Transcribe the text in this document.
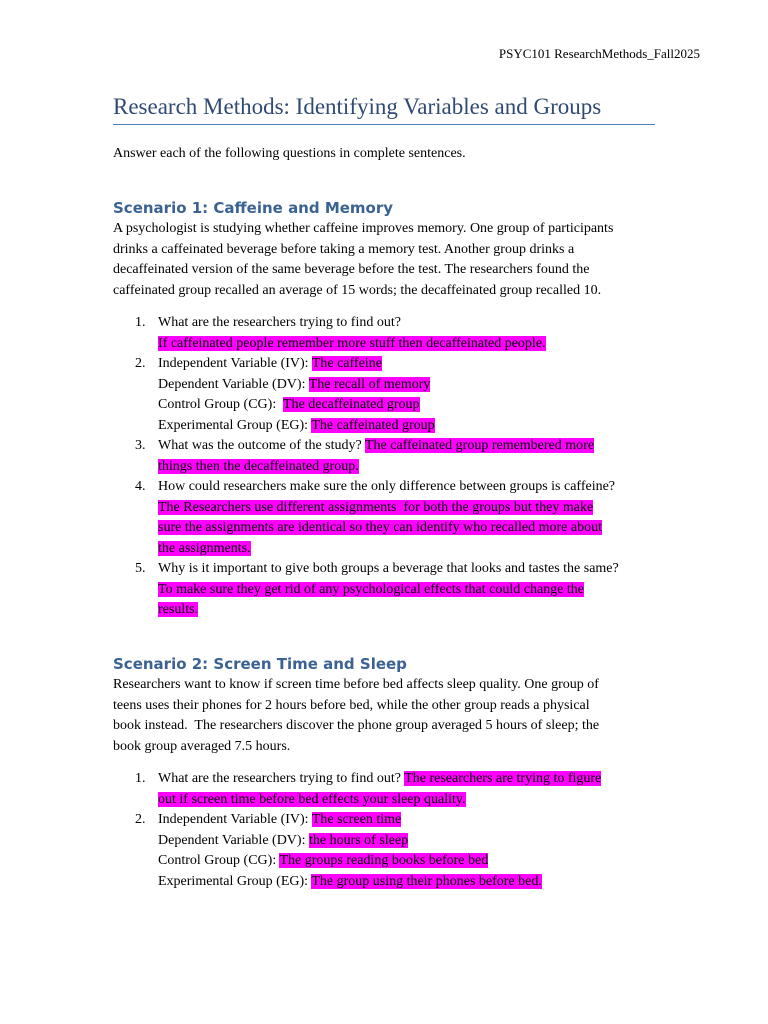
PSYC101 ResearchMethods_Fall2025
Research Methods: Identifying Variables and Groups
Answer each of the following questions in complete sentences.
Scenario 1: Caffeine and Memory
A psychologist is studying whether caffeine improves memory. One group of participants
drinks a caffeinated beverage before taking a memory test. Another group drinks a
decaffeinated version of the same beverage before the test. The researchers found the
caffeinated group recalled an average of 15 words; the decaffeinated group recalled 10.
1. What are the researchers trying to find out?
If caffeinated people remember more stuff then decaffeinated people.
2. Independent Variable (IV): The caffeine
Dependent Variable (DV): The recall of memory
Control Group (CG):  The decaffeinated group
Experimental Group (EG): The caffeinated group
3. What was the outcome of the study? The caffeinated group remembered more
things then the decaffeinated group.
4. How could researchers make sure the only difference between groups is caffeine?
The Researchers use different assignments  for both the groups but they make
sure the assignments are identical so they can identify who recalled more about
the assignments.
5. Why is it important to give both groups a beverage that looks and tastes the same?
To make sure they get rid of any psychological effects that could change the
results.
Scenario 2: Screen Time and Sleep
Researchers want to know if screen time before bed affects sleep quality. One group of
teens uses their phones for 2 hours before bed, while the other group reads a physical
book instead.  The researchers discover the phone group averaged 5 hours of sleep; the
book group averaged 7.5 hours.
1. What are the researchers trying to find out? The researchers are trying to figure
out if screen time before bed effects your sleep quality.
2. Independent Variable (IV): The screen time
Dependent Variable (DV): the hours of sleep
Control Group (CG): The groups reading books before bed
Experimental Group (EG): The group using their phones before bed.
